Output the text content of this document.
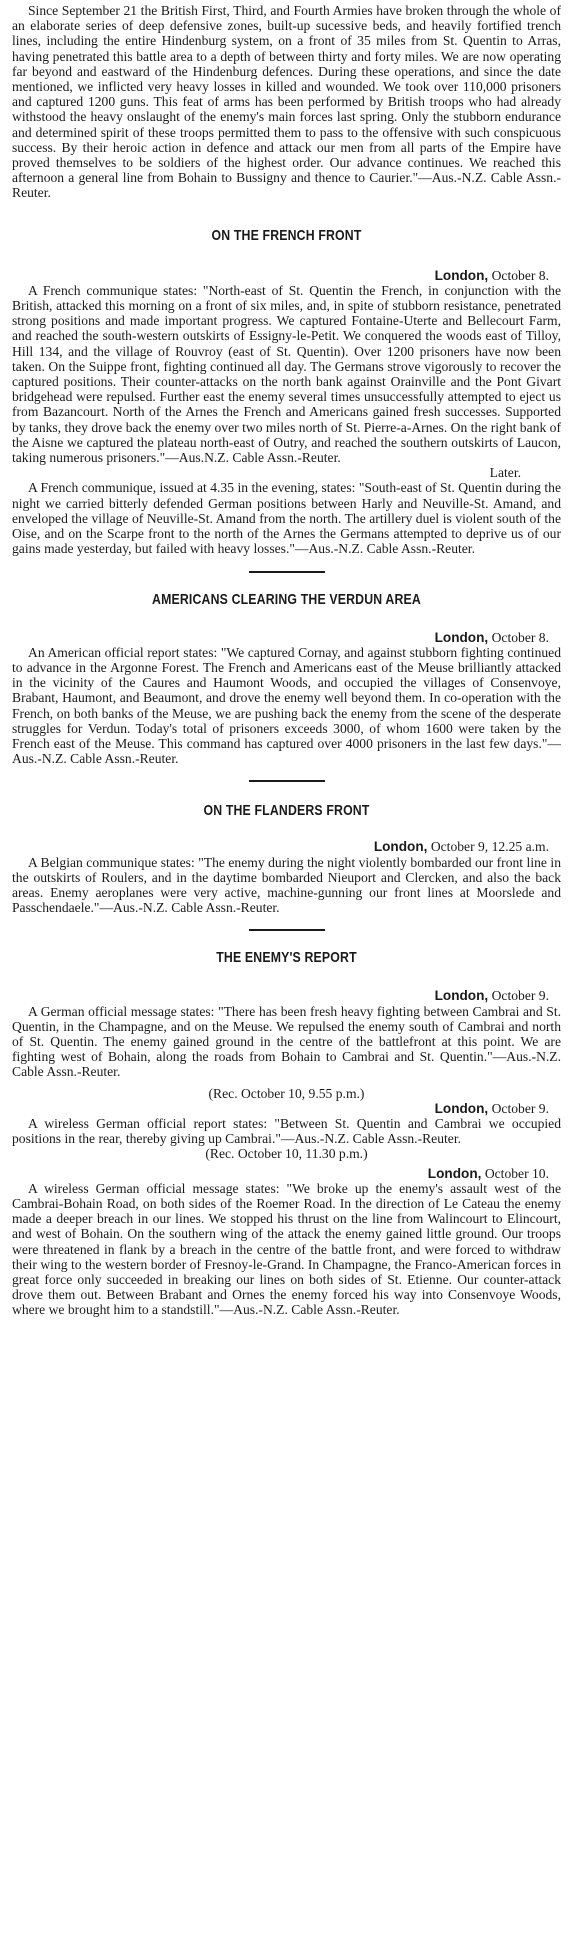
Since September 21 the British First, Third, and Fourth Armies have broken through the whole of an elaborate series of deep defensive zones, built-up sucessive beds, and heavily fortified trench lines, including the entire Hindenburg system, on a front of 35 miles from St. Quentin to Arras, having penetrated this battle area to a depth of between thirty and forty miles. We are now operating far beyond and eastward of the Hindenburg defences. During these operations, and since the date mentioned, we inflicted very heavy losses in killed and wounded. We took over 110,000 prisoners and captured 1200 guns. This feat of arms has been performed by British troops who had already withstood the heavy onslaught of the enemy's main forces last spring. Only the stubborn endurance and determined spirit of these troops permitted them to pass to the offensive with such conspicuous success. By their heroic action in defence and attack our men from all parts of the Empire have proved themselves to be soldiers of the highest order. Our advance continues. We reached this afternoon a general line from Bohain to Bussigny and thence to Caurier."—Aus.-N.Z. Cable Assn.-Reuter.

ON THE FRENCH FRONT
London, October 8.

A French communique states: "North-east of St. Quentin the French, in conjunction with the British, attacked this morning on a front of six miles, and, in spite of stubborn resistance, penetrated strong positions and made important progress. We captured Fontaine-Uterte and Bellecourt Farm, and reached the south-western outskirts of Essigny-le-Petit. We conquered the woods east of Tilloy, Hill 134, and the village of Rouvroy (east of St. Quentin). Over 1200 prisoners have now been taken. On the Suippe front, fighting continued all day. The Germans strove vigorously to recover the captured positions. Their counter-attacks on the north bank against Orainville and the Pont Givart bridgehead were repulsed. Further east the enemy several times unsuccessfully attempted to eject us from Bazancourt. North of the Arnes the French and Americans gained fresh successes. Supported by tanks, they drove back the enemy over two miles north of St. Pierre-a-Arnes. On the right bank of the Aisne we captured the plateau north-east of Outry, and reached the southern outskirts of Laucon, taking numerous prisoners."—Aus.N.Z. Cable Assn.-Reuter.

Later.

A French communique, issued at 4.35 in the evening, states: "South-east of St. Quentin during the night we carried bitterly defended German positions between Harly and Neuville-St. Amand, and enveloped the village of Neuville-St. Amand from the north. The artillery duel is violent south of the Oise, and on the Scarpe front to the north of the Arnes the Germans attempted to deprive us of our gains made yesterday, but failed with heavy losses."—Aus.-N.Z. Cable Assn.-Reuter.

AMERICANS CLEARING THE VERDUN AREA
London, October 8.

An American official report states: "We captured Cornay, and against stubborn fighting continued to advance in the Argonne Forest. The French and Americans east of the Meuse brilliantly attacked in the vicinity of the Caures and Haumont Woods, and occupied the villages of Consenvoye, Brabant, Haumont, and Beaumont, and drove the enemy well beyond them. In co-operation with the French, on both banks of the Meuse, we are pushing back the enemy from the scene of the desperate struggles for Verdun. Today's total of prisoners exceeds 3000, of whom 1600 were taken by the French east of the Meuse. This command has captured over 4000 prisoners in the last few days."—Aus.-N.Z. Cable Assn.-Reuter.

ON THE FLANDERS FRONT
London, October 9, 12.25 a.m.

A Belgian communique states: "The enemy during the night violently bombarded our front line in the outskirts of Roulers, and in the daytime bombarded Nieuport and Clercken, and also the back areas. Enemy aeroplanes were very active, machine-gunning our front lines at Moorslede and Passchendaele."—Aus.-N.Z. Cable Assn.-Reuter.

THE ENEMY'S REPORT
London, October 9.

A German official message states: "There has been fresh heavy fighting between Cambrai and St. Quentin, in the Champagne, and on the Meuse. We repulsed the enemy south of Cambrai and north of St. Quentin. The enemy gained ground in the centre of the battlefront at this point. We are fighting west of Bohain, along the roads from Bohain to Cambrai and St. Quentin."—Aus.-N.Z. Cable Assn.-Reuter.

(Rec. October 10, 9.55 p.m.)
London, October 9.

A wireless German official report states: "Between St. Quentin and Cambrai we occupied positions in the rear, thereby giving up Cambrai."—Aus.-N.Z. Cable Assn.-Reuter.

(Rec. October 10, 11.30 p.m.)
London, October 10.

A wireless German official message states: "We broke up the enemy's assault west of the Cambrai-Bohain Road, on both sides of the Roemer Road. In the direction of Le Cateau the enemy made a deeper breach in our lines. We stopped his thrust on the line from Walincourt to Elincourt, and west of Bohain. On the southern wing of the attack the enemy gained little ground. Our troops were threatened in flank by a breach in the centre of the battle front, and were forced to withdraw their wing to the western border of Fresnoy-le-Grand. In Champagne, the Franco-American forces in great force only succeeded in breaking our lines on both sides of St. Etienne. Our counter-attack drove them out. Between Brabant and Ornes the enemy forced his way into Consenvoye Woods, where we brought him to a standstill."—Aus.-N.Z. Cable Assn.-Reuter.
